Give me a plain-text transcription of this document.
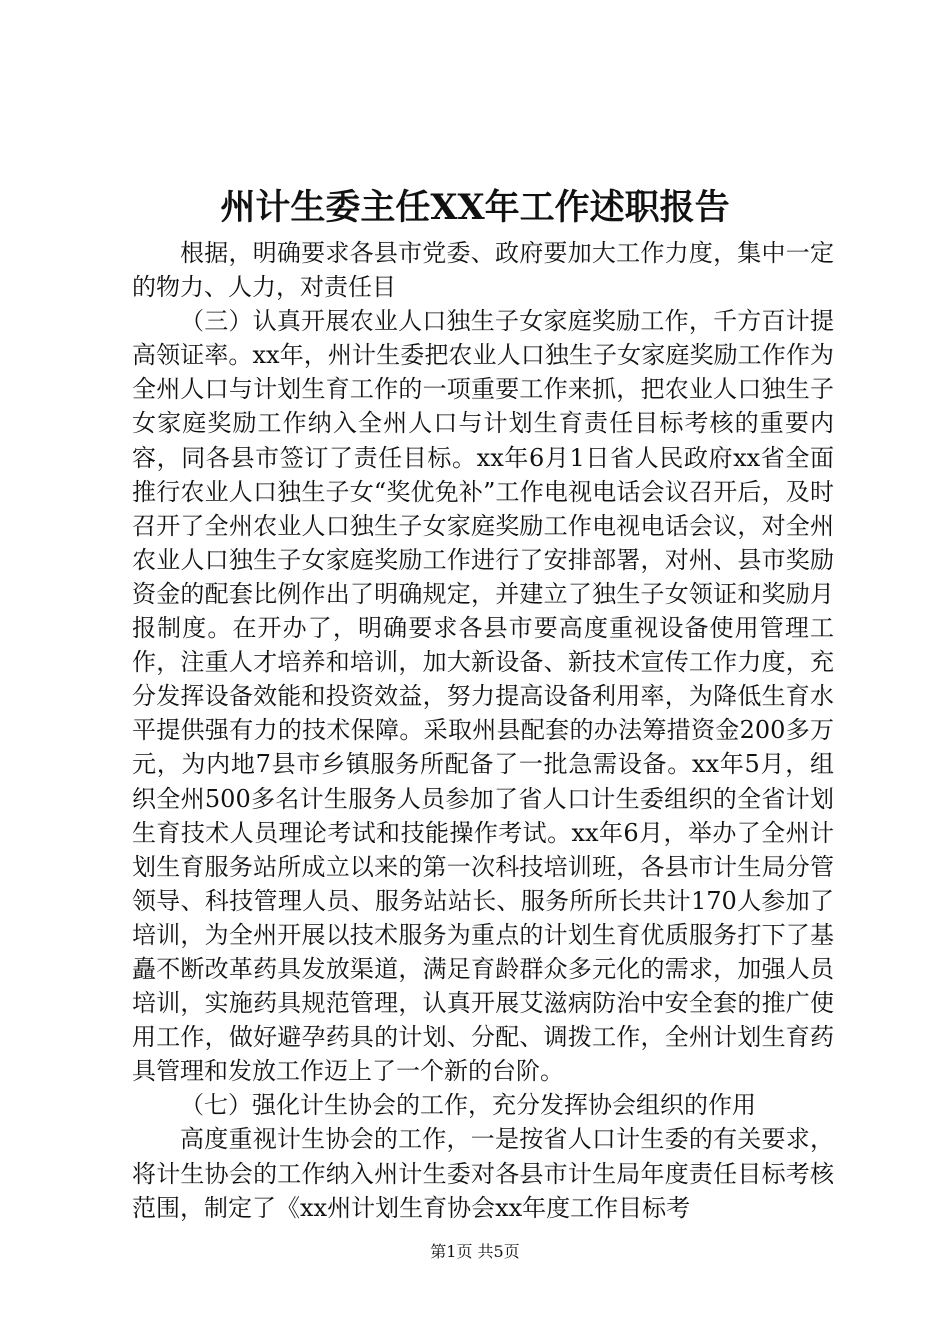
州计生委主任XX年工作述职报告

根据，明确要求各县市党委、政府要加大工作力度，集中一定的物力、人力，对责任目

（三）认真开展农业人口独生子女家庭奖励工作，千方百计提高领证率。xx年，州计生委把农业人口独生子女家庭奖励工作作为全州人口与计划生育工作的一项重要工作来抓，把农业人口独生子女家庭奖励工作纳入全州人口与计划生育责任目标考核的重要内容，同各县市签订了责任目标。xx年6月1日省人民政府xx省全面推行农业人口独生子女“奖优免补”工作电视电话会议召开后，及时召开了全州农业人口独生子女家庭奖励工作电视电话会议，对全州农业人口独生子女家庭奖励工作进行了安排部署，对州、县市奖励资金的配套比例作出了明确规定，并建立了独生子女领证和奖励月报制度。在开办了，明确要求各县市要高度重视设备使用管理工作，注重人才培养和培训，加大新设备、新技术宣传工作力度，充分发挥设备效能和投资效益，努力提高设备利用率，为降低生育水平提供强有力的技术保障。采取州县配套的办法筹措资金200多万元，为内地7县市乡镇服务所配备了一批急需设备。xx年5月，组织全州500多名计生服务人员参加了省人口计生委组织的全省计划生育技术人员理论考试和技能操作考试。xx年6月，举办了全州计划生育服务站所成立以来的第一次科技培训班，各县市计生局分管领导、科技管理人员、服务站站长、服务所所长共计170人参加了培训，为全州开展以技术服务为重点的计划生育优质服务打下了基矗不断改革药具发放渠道，满足育龄群众多元化的需求，加强人员培训，实施药具规范管理，认真开展艾滋病防治中安全套的推广使用工作，做好避孕药具的计划、分配、调拨工作，全州计划生育药具管理和发放工作迈上了一个新的台阶。

（七）强化计生协会的工作，充分发挥协会组织的作用

高度重视计生协会的工作，一是按省人口计生委的有关要求，将计生协会的工作纳入州计生委对各县市计生局年度责任目标考核范围，制定了《xx州计划生育协会xx年度工作目标考

第1页 共5页
